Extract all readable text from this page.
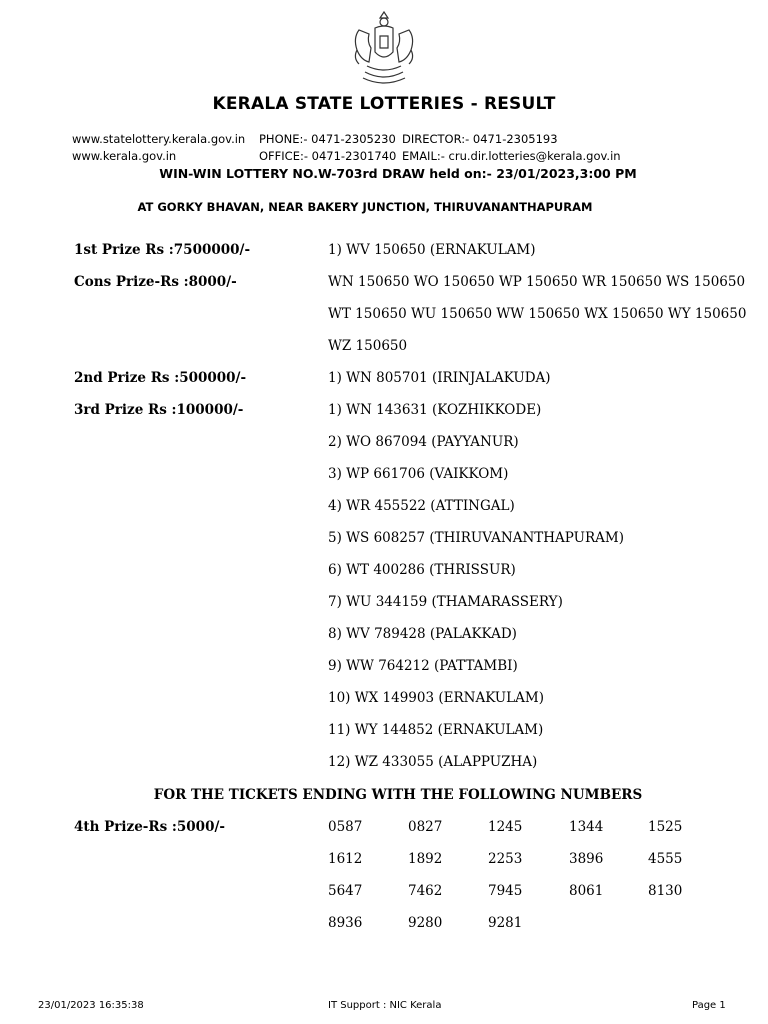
KERALA STATE LOTTERIES - RESULT
www.statelottery.kerala.gov.in
www.kerala.gov.in
PHONE:- 0471-2305230
OFFICE:- 0471-2301740
DIRECTOR:- 0471-2305193
EMAIL:- cru.dir.lotteries@kerala.gov.in
WIN-WIN LOTTERY NO.W-703rd DRAW held on:- 23/01/2023,3:00 PM
AT GORKY BHAVAN, NEAR BAKERY JUNCTION, THIRUVANANTHAPURAM
1st Prize Rs :7500000/-	1) WV 150650 (ERNAKULAM)
Cons Prize-Rs :8000/-	WN 150650 WO 150650 WP 150650 WR 150650 WS 150650
WT 150650 WU 150650 WW 150650 WX 150650 WY 150650
WZ 150650
2nd Prize Rs :500000/-	1) WN 805701 (IRINJALAKUDA)
3rd Prize Rs :100000/-	1) WN 143631 (KOZHIKKODE)
2) WO 867094 (PAYYANUR)
3) WP 661706 (VAIKKOM)
4) WR 455522 (ATTINGAL)
5) WS 608257 (THIRUVANANTHAPURAM)
6) WT 400286 (THRISSUR)
7) WU 344159 (THAMARASSERY)
8) WV 789428 (PALAKKAD)
9) WW 764212 (PATTAMBI)
10) WX 149903 (ERNAKULAM)
11) WY 144852 (ERNAKULAM)
12) WZ 433055 (ALAPPUZHA)
FOR THE TICKETS ENDING WITH THE FOLLOWING NUMBERS
4th Prize-Rs :5000/-	0587	0827	1245	1344	1525
1612	1892	2253	3896	4555
5647	7462	7945	8061	8130
8936	9280	9281
23/01/2023 16:35:38	IT Support : NIC Kerala	Page 1
